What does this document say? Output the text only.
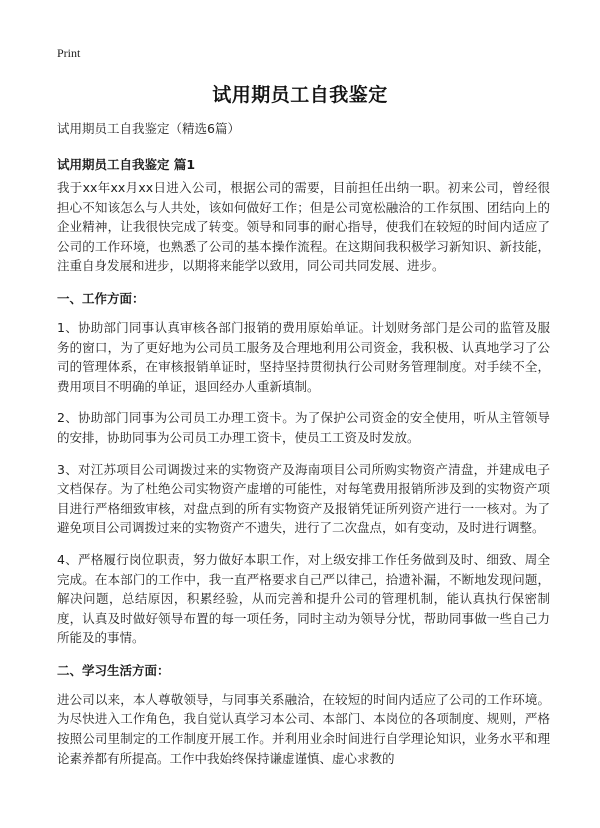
Print
试用期员工自我鉴定

试用期员工自我鉴定（精选6篇）

试用期员工自我鉴定 篇1

我于xx年xx月xx日进入公司，根据公司的需要，目前担任出纳一职。初来公司，曾经很担心不知该怎么与人共处，该如何做好工作；但是公司宽松融洽的工作氛围、团结向上的企业精神，让我很快完成了转变。领导和同事的耐心指导，使我们在较短的时间内适应了公司的工作环境，也熟悉了公司的基本操作流程。在这期间我积极学习新知识、新技能，注重自身发展和进步，以期将来能学以致用，同公司共同发展、进步。

一、工作方面：

1、协助部门同事认真审核各部门报销的费用原始单证。计划财务部门是公司的监管及服务的窗口，为了更好地为公司员工服务及合理地利用公司资金，我积极、认真地学习了公司的管理体系，在审核报销单证时，坚持坚持贯彻执行公司财务管理制度。对手续不全，费用项目不明确的单证，退回经办人重新填制。

2、协助部门同事为公司员工办理工资卡。为了保护公司资金的安全使用，听从主管领导的安排，协助同事为公司员工办理工资卡，使员工工资及时发放。

3、对江苏项目公司调拨过来的实物资产及海南项目公司所购实物资产清盘，并建成电子文档保存。为了杜绝公司实物资产虚增的可能性，对每笔费用报销所涉及到的实物资产项目进行严格细致审核，对盘点到的所有实物资产及报销凭证所列资产进行一一核对。为了避免项目公司调拨过来的实物资产不遗失，进行了二次盘点，如有变动，及时进行调整。

4、严格履行岗位职责，努力做好本职工作，对上级安排工作任务做到及时、细致、周全完成。在本部门的工作中，我一直严格要求自己严以律己，拾遗补漏，不断地发现问题，解决问题，总结原因，积累经验，从而完善和提升公司的管理机制，能认真执行保密制度，认真及时做好领导布置的每一项任务，同时主动为领导分忧，帮助同事做一些自己力所能及的事情。

二、学习生活方面：

进公司以来，本人尊敬领导，与同事关系融洽，在较短的时间内适应了公司的工作环境。为尽快进入工作角色，我自觉认真学习本公司、本部门、本岗位的各项制度、规则，严格按照公司里制定的工作制度开展工作。并利用业余时间进行自学理论知识，业务水平和理论素养都有所提高。工作中我始终保持谦虚谨慎、虚心求教的
